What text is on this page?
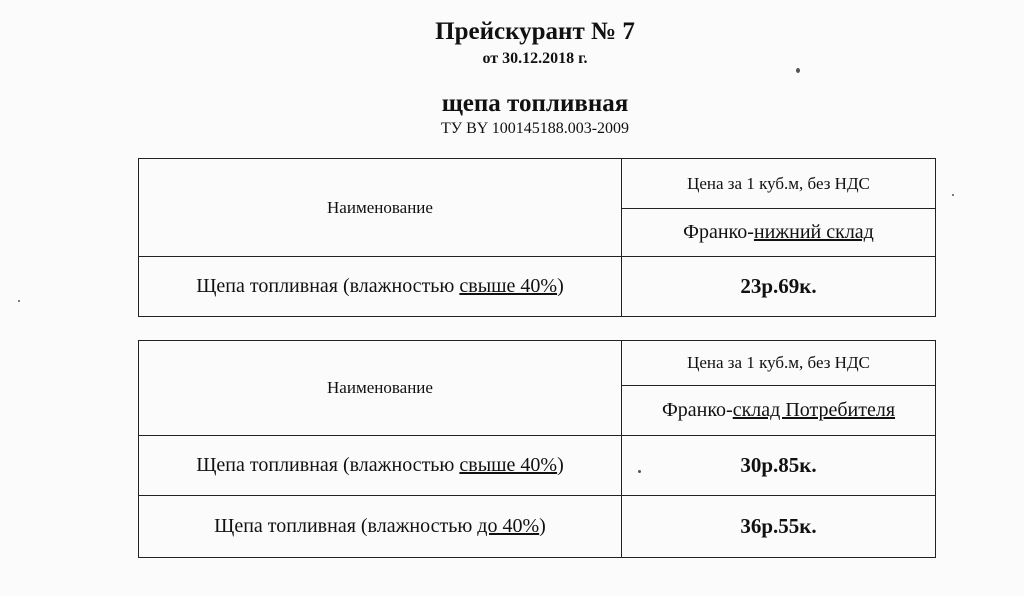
Прейскурант № 7
от 30.12.2018 г.
щепа топливная
ТУ BY 100145188.003-2009
Наименование	Цена за 1 куб.м, без НДС
	Франко-нижний склад
Щепа топливная (влажностью свыше 40%)	23р.69к.
Наименование	Цена за 1 куб.м, без НДС
	Франко-склад Потребителя
Щепа топливная (влажностью свыше 40%)	30р.85к.
Щепа топливная (влажностью до 40%)	36р.55к.
